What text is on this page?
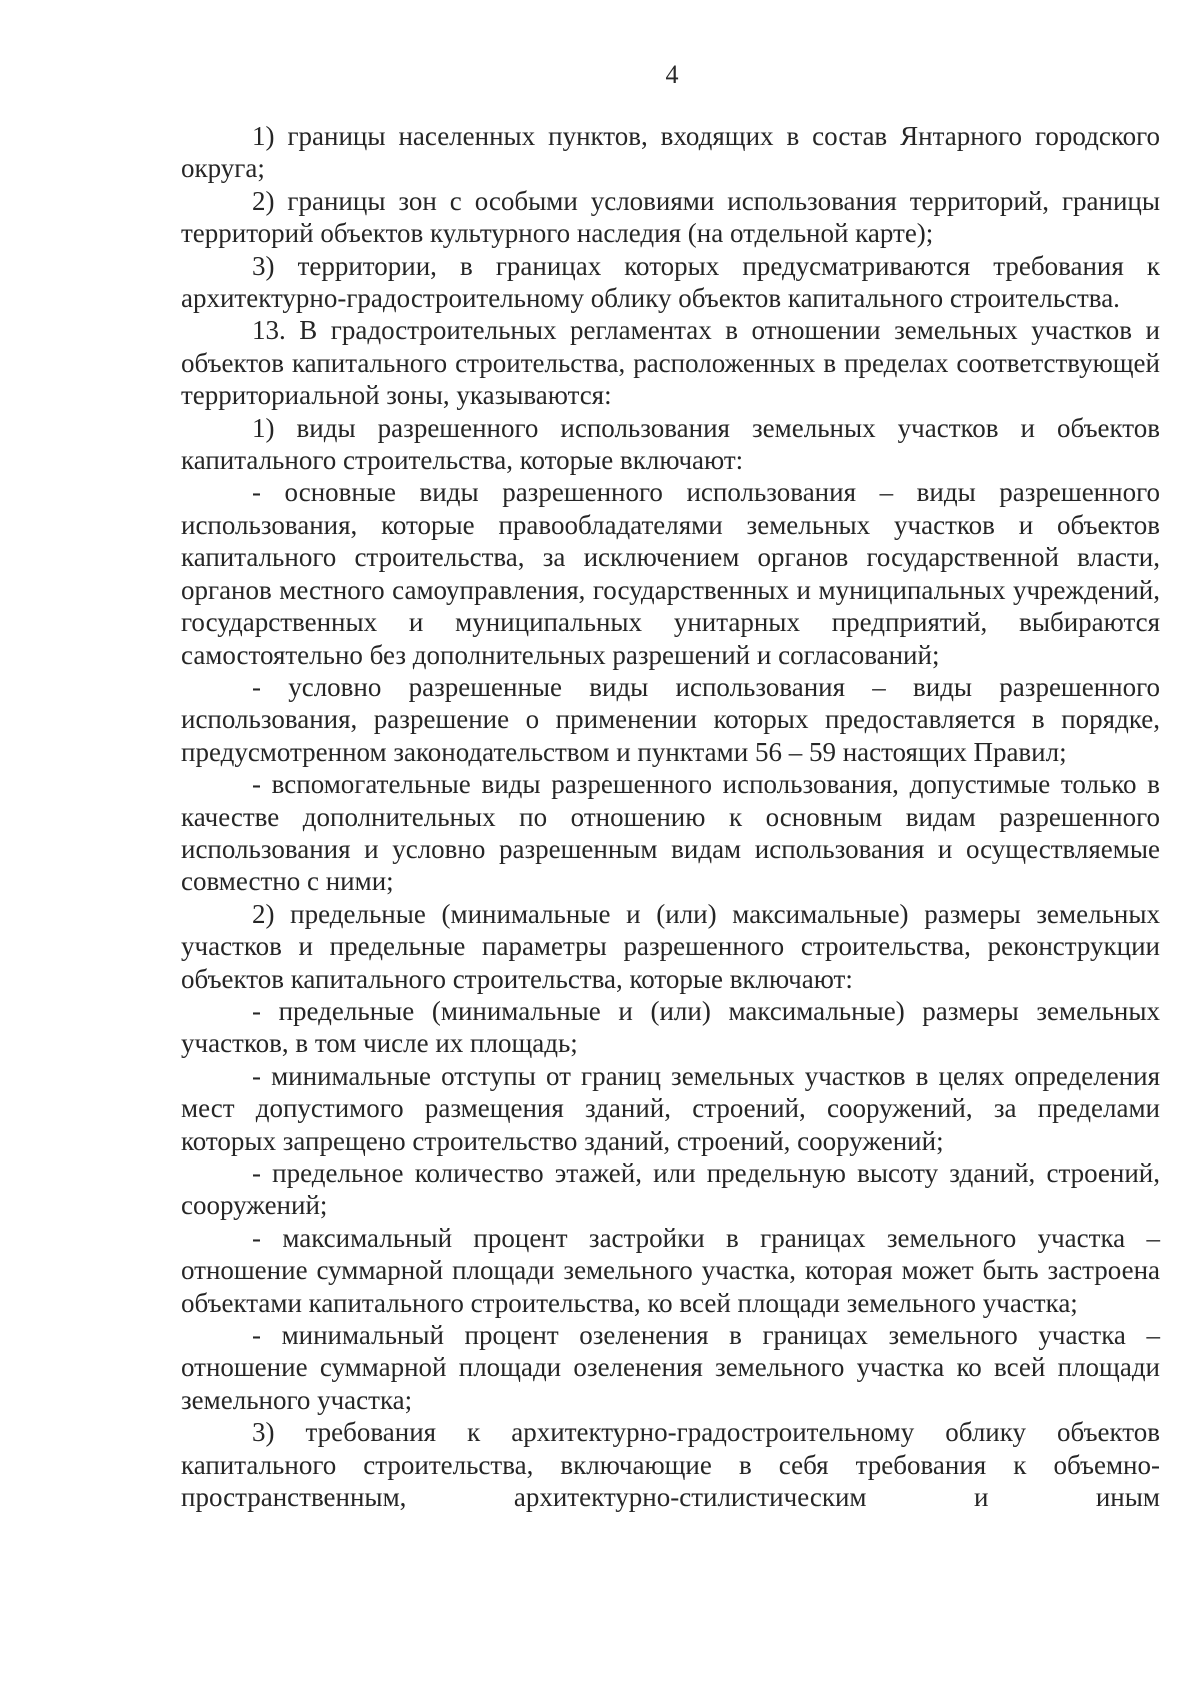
4

1) границы населенных пунктов, входящих в состав Янтарного городского округа;

2) границы зон с особыми условиями использования территорий, границы территорий объектов культурного наследия (на отдельной карте);

3) территории, в границах которых предусматриваются требования к архитектурно-градостроительному облику объектов капитального строительства.

13. В градостроительных регламентах в отношении земельных участков и объектов капитального строительства, расположенных в пределах соответствующей территориальной зоны, указываются:

1) виды разрешенного использования земельных участков и объектов капитального строительства, которые включают:

- основные виды разрешенного использования – виды разрешенного использования, которые правообладателями земельных участков и объектов капитального строительства, за исключением органов государственной власти, органов местного самоуправления, государственных и муниципальных учреждений, государственных и муниципальных унитарных предприятий, выбираются самостоятельно без дополнительных разрешений и согласований;

- условно разрешенные виды использования – виды разрешенного использования, разрешение о применении которых предоставляется в порядке, предусмотренном законодательством и пунктами 56 – 59 настоящих Правил;

- вспомогательные виды разрешенного использования, допустимые только в качестве дополнительных по отношению к основным видам разрешенного использования и условно разрешенным видам использования и осуществляемые совместно с ними;

2) предельные (минимальные и (или) максимальные) размеры земельных участков и предельные параметры разрешенного строительства, реконструкции объектов капитального строительства, которые включают:

- предельные (минимальные и (или) максимальные) размеры земельных участков, в том числе их площадь;

- минимальные отступы от границ земельных участков в целях определения мест допустимого размещения зданий, строений, сооружений, за пределами которых запрещено строительство зданий, строений, сооружений;

- предельное количество этажей, или предельную высоту зданий, строений, сооружений;

- максимальный процент застройки в границах земельного участка – отношение суммарной площади земельного участка, которая может быть застроена объектами капитального строительства, ко всей площади земельного участка;

- минимальный процент озеленения в границах земельного участка – отношение суммарной площади озеленения земельного участка ко всей площади земельного участка;

3) требования к архитектурно-градостроительному облику объектов капитального строительства, включающие в себя требования к объемно-пространственным, архитектурно-стилистическим и иным
